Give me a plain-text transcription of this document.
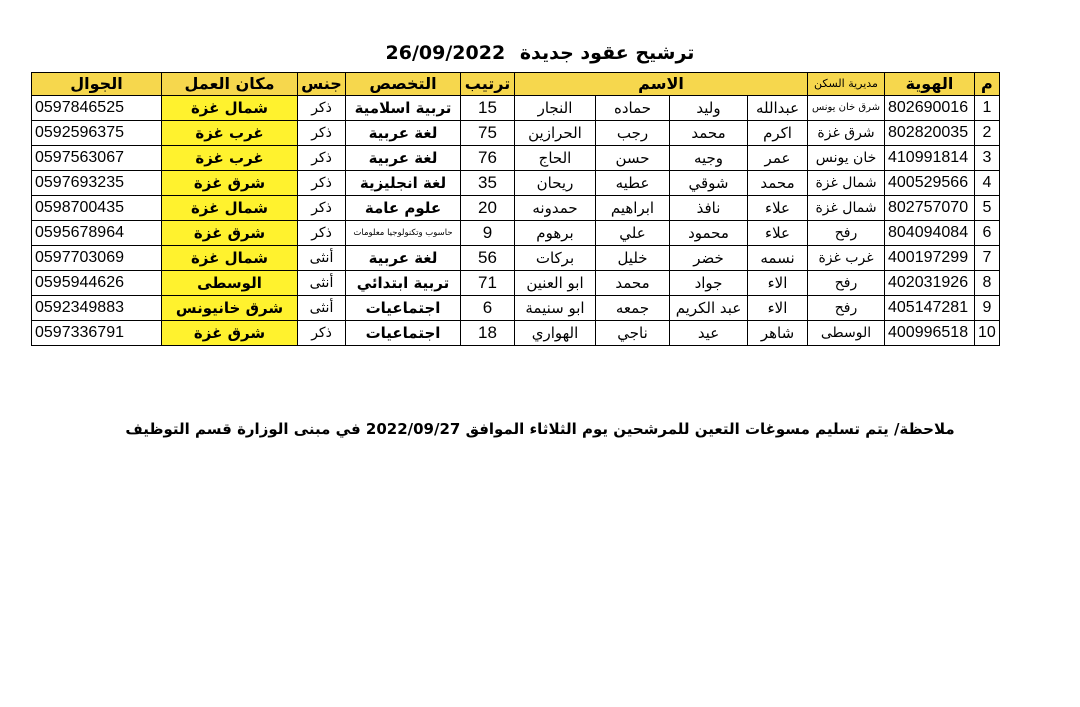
ترشيح عقود جديدة 26/09/2022
م	الهوية	مديرية السكن	الاسم				ترتيب	التخصص	جنس	مكان العمل	الجوال
1	802690016	شرق خان يونس	عبدالله	وليد	حماده	النجار	15	تربية اسلامية	ذكر	شمال غزة	0597846525
2	802820035	شرق غزة	اكرم	محمد	رجب	الحرازين	75	لغة عربية	ذكر	غرب غزة	0592596375
3	410991814	خان يونس	عمر	وجيه	حسن	الحاج	76	لغة عربية	ذكر	غرب غزة	0597563067
4	400529566	شمال غزة	محمد	شوقي	عطيه	ريحان	35	لغة انجليزية	ذكر	شرق غزة	0597693235
5	802757070	شمال غزة	علاء	نافذ	ابراهيم	حمدونه	20	علوم عامة	ذكر	شمال غزة	0598700435
6	804094084	رفح	علاء	محمود	علي	برهوم	9	حاسوب وتكنولوجيا معلومات	ذكر	شرق غزة	0595678964
7	400197299	غرب غزة	نسمه	خضر	خليل	بركات	56	لغة عربية	أنثى	شمال غزة	0597703069
8	402031926	رفح	الاء	جواد	محمد	ابو العنين	71	تربية ابتدائي	أنثى	الوسطى	0595944626
9	405147281	رفح	الاء	عبد الكريم	جمعه	ابو سنيمة	6	اجتماعيات	أنثى	شرق خانيونس	0592349883
10	400996518	الوسطى	شاهر	عيد	ناجي	الهواري	18	اجتماعيات	ذكر	شرق غزة	0597336791
ملاحظة/ يتم تسليم مسوغات التعين للمرشحين يوم الثلاثاء الموافق 2022/09/27 في مبنى الوزارة قسم التوظيف
